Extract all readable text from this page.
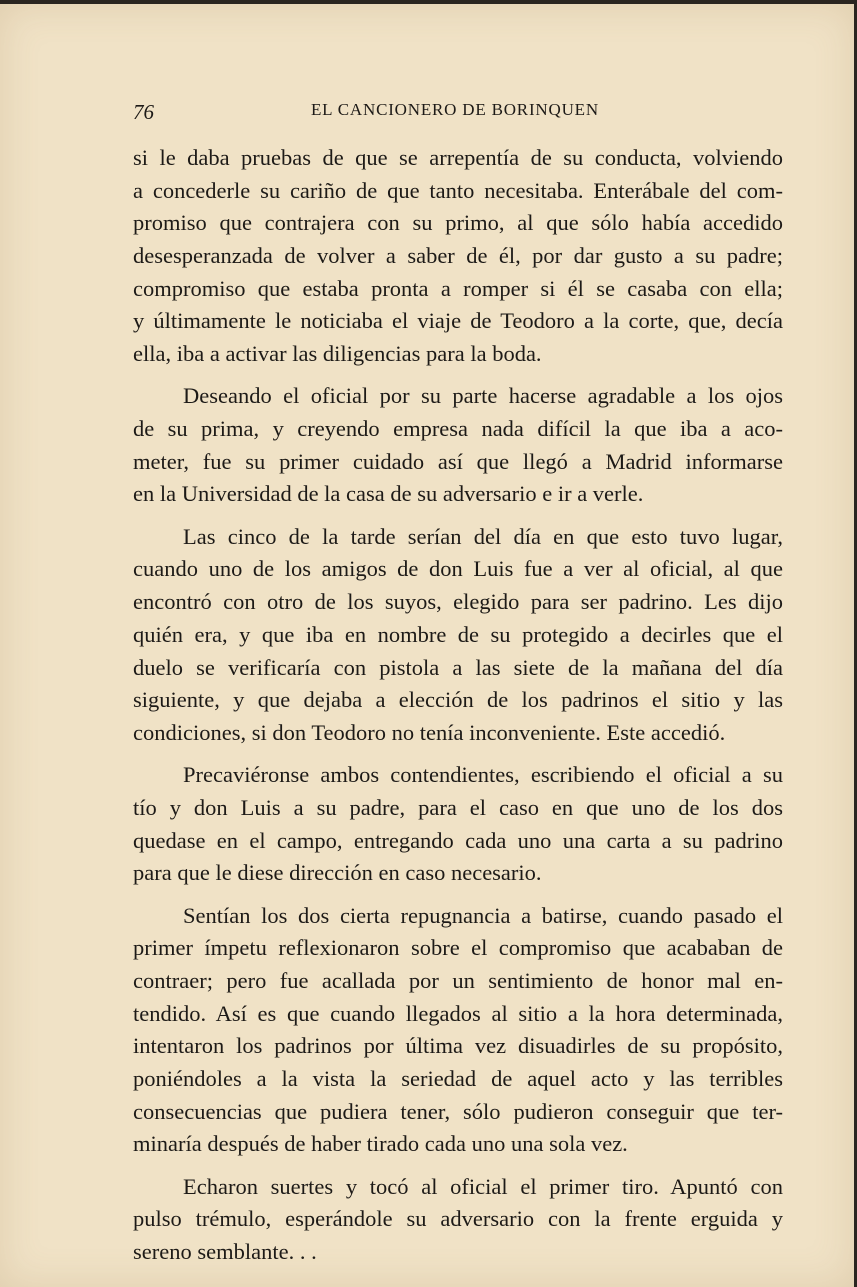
76	EL CANCIONERO DE BORINQUEN
si le daba pruebas de que se arrepentía de su conducta, volviendo
a concederle su cariño de que tanto necesitaba. Enterábale del com-
promiso que contrajera con su primo, al que sólo había accedido
desesperanzada de volver a saber de él, por dar gusto a su padre;
compromiso que estaba pronta a romper si él se casaba con ella;
y últimamente le noticiaba el viaje de Teodoro a la corte, que, decía
ella, iba a activar las diligencias para la boda.
Deseando el oficial por su parte hacerse agradable a los ojos
de su prima, y creyendo empresa nada difícil la que iba a aco-
meter, fue su primer cuidado así que llegó a Madrid informarse
en la Universidad de la casa de su adversario e ir a verle.
Las cinco de la tarde serían del día en que esto tuvo lugar,
cuando uno de los amigos de don Luis fue a ver al oficial, al que
encontró con otro de los suyos, elegido para ser padrino. Les dijo
quién era, y que iba en nombre de su protegido a decirles que el
duelo se verificaría con pistola a las siete de la mañana del día
siguiente, y que dejaba a elección de los padrinos el sitio y las
condiciones, si don Teodoro no tenía inconveniente. Este accedió.
Precaviéronse ambos contendientes, escribiendo el oficial a su
tío y don Luis a su padre, para el caso en que uno de los dos
quedase en el campo, entregando cada uno una carta a su padrino
para que le diese dirección en caso necesario.
Sentían los dos cierta repugnancia a batirse, cuando pasado el
primer ímpetu reflexionaron sobre el compromiso que acababan de
contraer; pero fue acallada por un sentimiento de honor mal en-
tendido. Así es que cuando llegados al sitio a la hora determinada,
intentaron los padrinos por última vez disuadirles de su propósito,
poniéndoles a la vista la seriedad de aquel acto y las terribles
consecuencias que pudiera tener, sólo pudieron conseguir que ter-
minaría después de haber tirado cada uno una sola vez.
Echaron suertes y tocó al oficial el primer tiro. Apuntó con
pulso trémulo, esperándole su adversario con la frente erguida y
sereno semblante. . .
